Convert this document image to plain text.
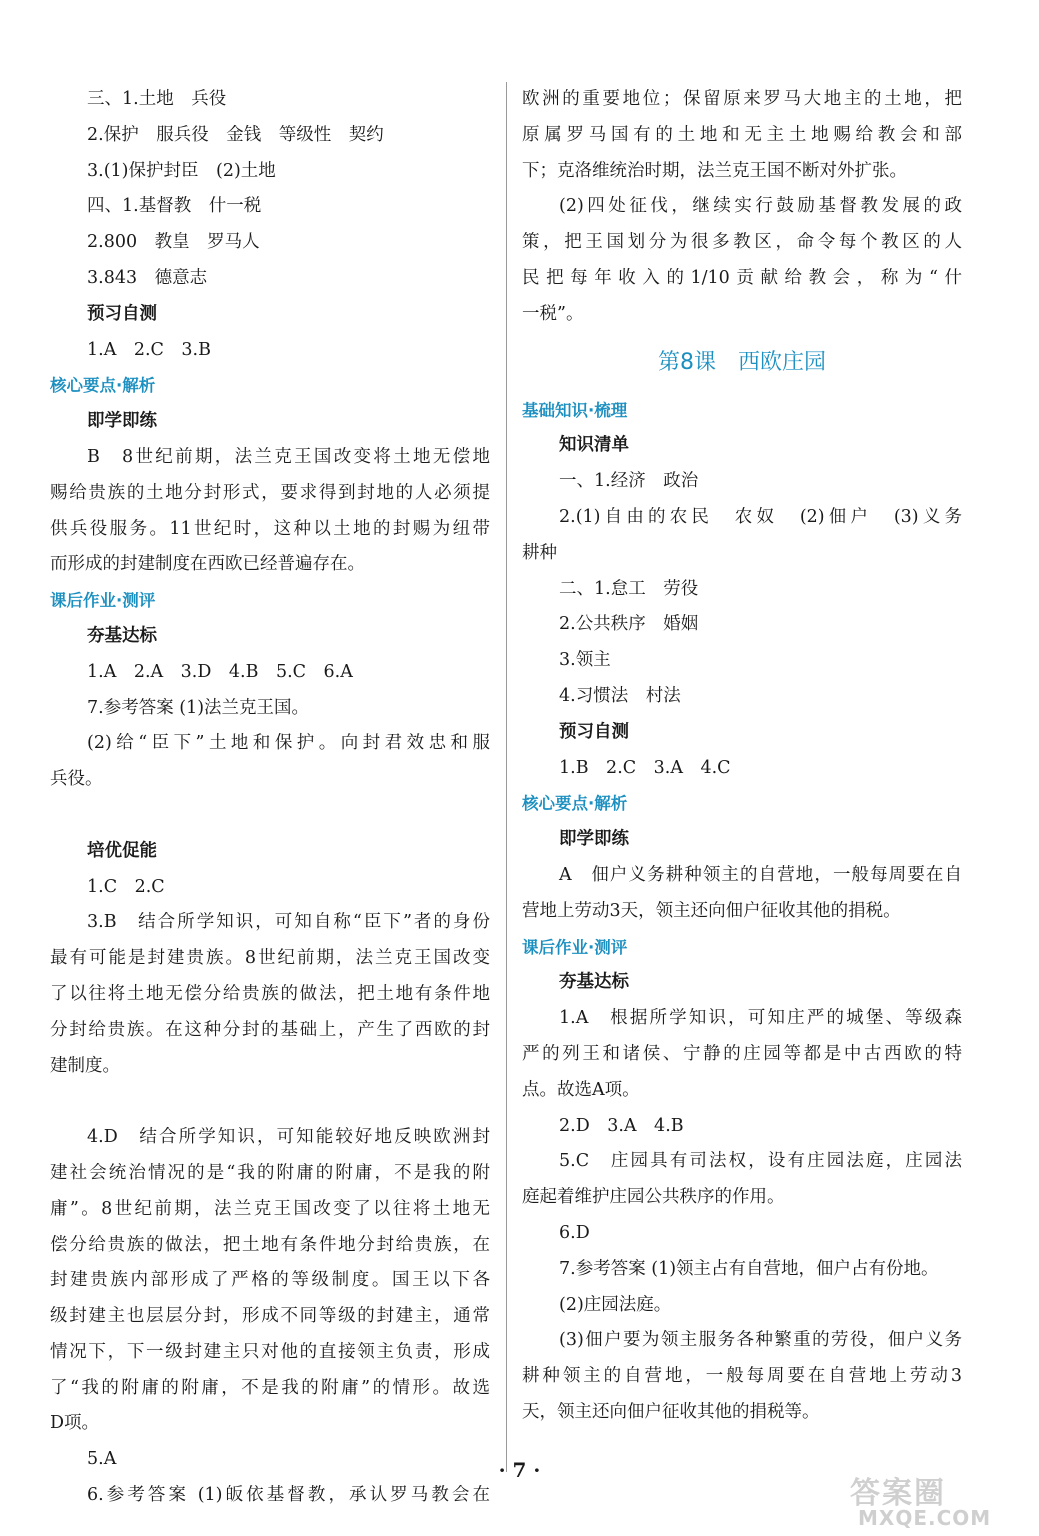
三、1.土地　兵役
2.保护　服兵役　金钱　等级性　契约
3.(1)保护封臣　(2)土地
四、1.基督教　什一税
2.800　教皇　罗马人
3.843　德意志
预习自测
1.A　2.C　3.B
核心要点·解析
即学即练
B　8世纪前期，法兰克王国改变将土地无偿地
赐给贵族的土地分封形式，要求得到封地的人必须提
供兵役服务。11世纪时，这种以土地的封赐为纽带
而形成的封建制度在西欧已经普遍存在。
课后作业·测评
夯基达标
1.A　2.A　3.D　4.B　5.C　6.A
7.参考答案 (1)法兰克王国。
(2)给“臣下”土地和保护。向封君效忠和服
兵役。
培优促能
1.C　2.C
3.B　结合所学知识，可知自称“臣下”者的身份
最有可能是封建贵族。8世纪前期，法兰克王国改变
了以往将土地无偿分给贵族的做法，把土地有条件地
分封给贵族。在这种分封的基础上，产生了西欧的封
建制度。
4.D　结合所学知识，可知能较好地反映欧洲封
建社会统治情况的是“我的附庸的附庸，不是我的附
庸”。8世纪前期，法兰克王国改变了以往将土地无
偿分给贵族的做法，把土地有条件地分封给贵族，在
封建贵族内部形成了严格的等级制度。国王以下各
级封建主也层层分封，形成不同等级的封建主，通常
情况下，下一级封建主只对他的直接领主负责，形成
了“我的附庸的附庸，不是我的附庸”的情形。故选
D项。
5.A
6.参考答案 (1)皈依基督教，承认罗马教会在
欧洲的重要地位；保留原来罗马大地主的土地，把
原属罗马国有的土地和无主土地赐给教会和部
下；克洛维统治时期，法兰克王国不断对外扩张。
(2)四处征伐，继续实行鼓励基督教发展的政
策，把王国划分为很多教区，命令每个教区的人
民把每年收入的1/10贡献给教会，称为“什
一税”。
第8课　西欧庄园
基础知识·梳理
知识清单
一、1.经济　政治
2.(1)自由的农民　农奴　(2)佃户　(3)义务
耕种
二、1.怠工　劳役
2.公共秩序　婚姻
3.领主
4.习惯法　村法
预习自测
1.B　2.C　3.A　4.C
核心要点·解析
即学即练
A　佃户义务耕种领主的自营地，一般每周要在自
营地上劳动3天，领主还向佃户征收其他的捐税。
课后作业·测评
夯基达标
1.A　根据所学知识，可知庄严的城堡、等级森
严的列王和诸侯、宁静的庄园等都是中古西欧的特
点。故选A项。
2.D　3.A　4.B
5.C　庄园具有司法权，设有庄园法庭，庄园法
庭起着维护庄园公共秩序的作用。
6.D
7.参考答案 (1)领主占有自营地，佃户占有份地。
(2)庄园法庭。
(3)佃户要为领主服务各种繁重的劳役，佃户义务
耕种领主的自营地，一般每周要在自营地上劳动3
天，领主还向佃户征收其他的捐税等。
· 7 ·
答案圈
MXQE.COM
